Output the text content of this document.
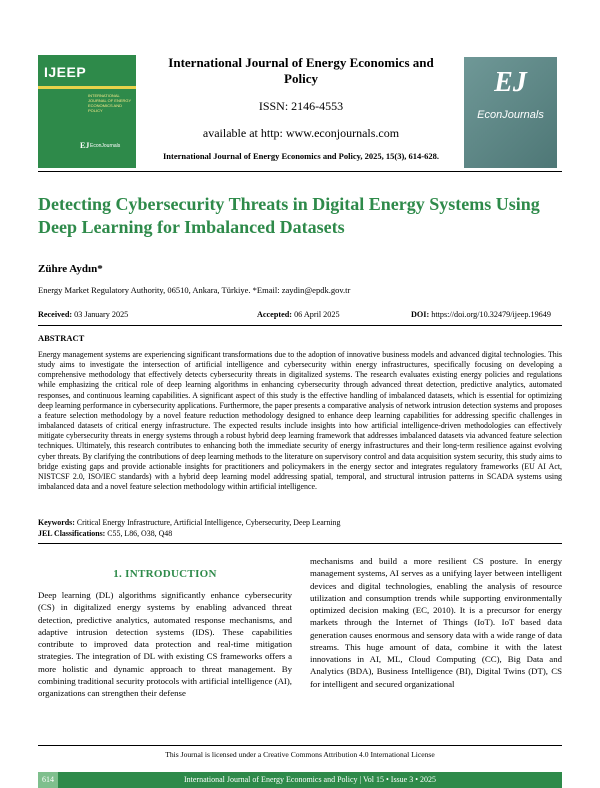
IJEEP
INTERNATIONAL JOURNAL OF ENERGY ECONOMICS AND POLICY
EJ EconJournals
International Journal of Energy Economics and Policy
ISSN: 2146-4553
available at http: www.econjournals.com
International Journal of Energy Economics and Policy, 2025, 15(3), 614-628.
EJ
EconJournals
Detecting Cybersecurity Threats in Digital Energy Systems Using Deep Learning for Imbalanced Datasets
Zühre Aydın*
Energy Market Regulatory Authority, 06510, Ankara, Türkiye. *Email: zaydin@epdk.gov.tr
Received: 03 January 2025	Accepted: 06 April 2025	DOI: https://doi.org/10.32479/ijeep.19649
ABSTRACT
Energy management systems are experiencing significant transformations due to the adoption of innovative business models and advanced digital technologies. This study aims to investigate the intersection of artificial intelligence and cybersecurity within energy infrastructures, specifically focusing on developing a comprehensive methodology that effectively detects cybersecurity threats in digitalized systems. The research evaluates existing energy policies and regulations while emphasizing the critical role of deep learning algorithms in enhancing cybersecurity through advanced threat detection, predictive analytics, automated responses, and continuous learning capabilities. A significant aspect of this study is the effective handling of imbalanced datasets, which is essential for optimizing deep learning performance in cybersecurity applications. Furthermore, the paper presents a comparative analysis of network intrusion detection systems and proposes a feature selection methodology by a novel feature reduction methodology designed to enhance deep learning capabilities for addressing specific challenges in imbalanced datasets of critical energy infrastructure. The expected results include insights into how artificial intelligence-driven methodologies can effectively mitigate cybersecurity threats in energy systems through a robust hybrid deep learning framework that addresses imbalanced datasets via advanced feature selection techniques. Ultimately, this research contributes to enhancing both the immediate security of energy infrastructures and their long-term resilience against evolving cyber threats. By clarifying the contributions of deep learning methods to the literature on supervisory control and data acquisition system security, this study aims to bridge existing gaps and provide actionable insights for practitioners and policymakers in the energy sector and integrates regulatory frameworks (EU AI Act, NISTCSF 2.0, ISO/IEC standards) with a hybrid deep learning model addressing spatial, temporal, and structural intrusion patterns in SCADA systems using imbalanced data and a novel feature selection methodology within artificial intelligence.
Keywords: Critical Energy Infrastructure, Artificial Intelligence, Cybersecurity, Deep Learning
JEL Classifications: C55, L86, O38, Q48
1. INTRODUCTION
Deep learning (DL) algorithms significantly enhance cybersecurity (CS) in digitalized energy systems by enabling advanced threat detection, predictive analytics, automated response mechanisms, and adaptive intrusion detection systems (IDS). These capabilities contribute to improved data protection and real-time mitigation strategies. The integration of DL with existing CS frameworks offers a more holistic and dynamic approach to threat management. By combining traditional security protocols with artificial intelligence (AI), organizations can strengthen their defense
mechanisms and build a more resilient CS posture. In energy management systems, AI serves as a unifying layer between intelligent devices and digital technologies, enabling the analysis of resource utilization and consumption trends while supporting environmentally optimized decision making (EC, 2010). It is a precursor for energy markets through the Internet of Things (IoT). IoT based data generation causes enormous and sensory data with a wide range of data streams. This huge amount of data, combine it with the latest innovations in AI, ML, Cloud Computing (CC), Big Data and Analytics (BDA), Business Intelligence (BI), Digital Twins (DT), CS for intelligent and secured organizational
This Journal is licensed under a Creative Commons Attribution 4.0 International License
614	International Journal of Energy Economics and Policy | Vol 15 • Issue 3 • 2025
